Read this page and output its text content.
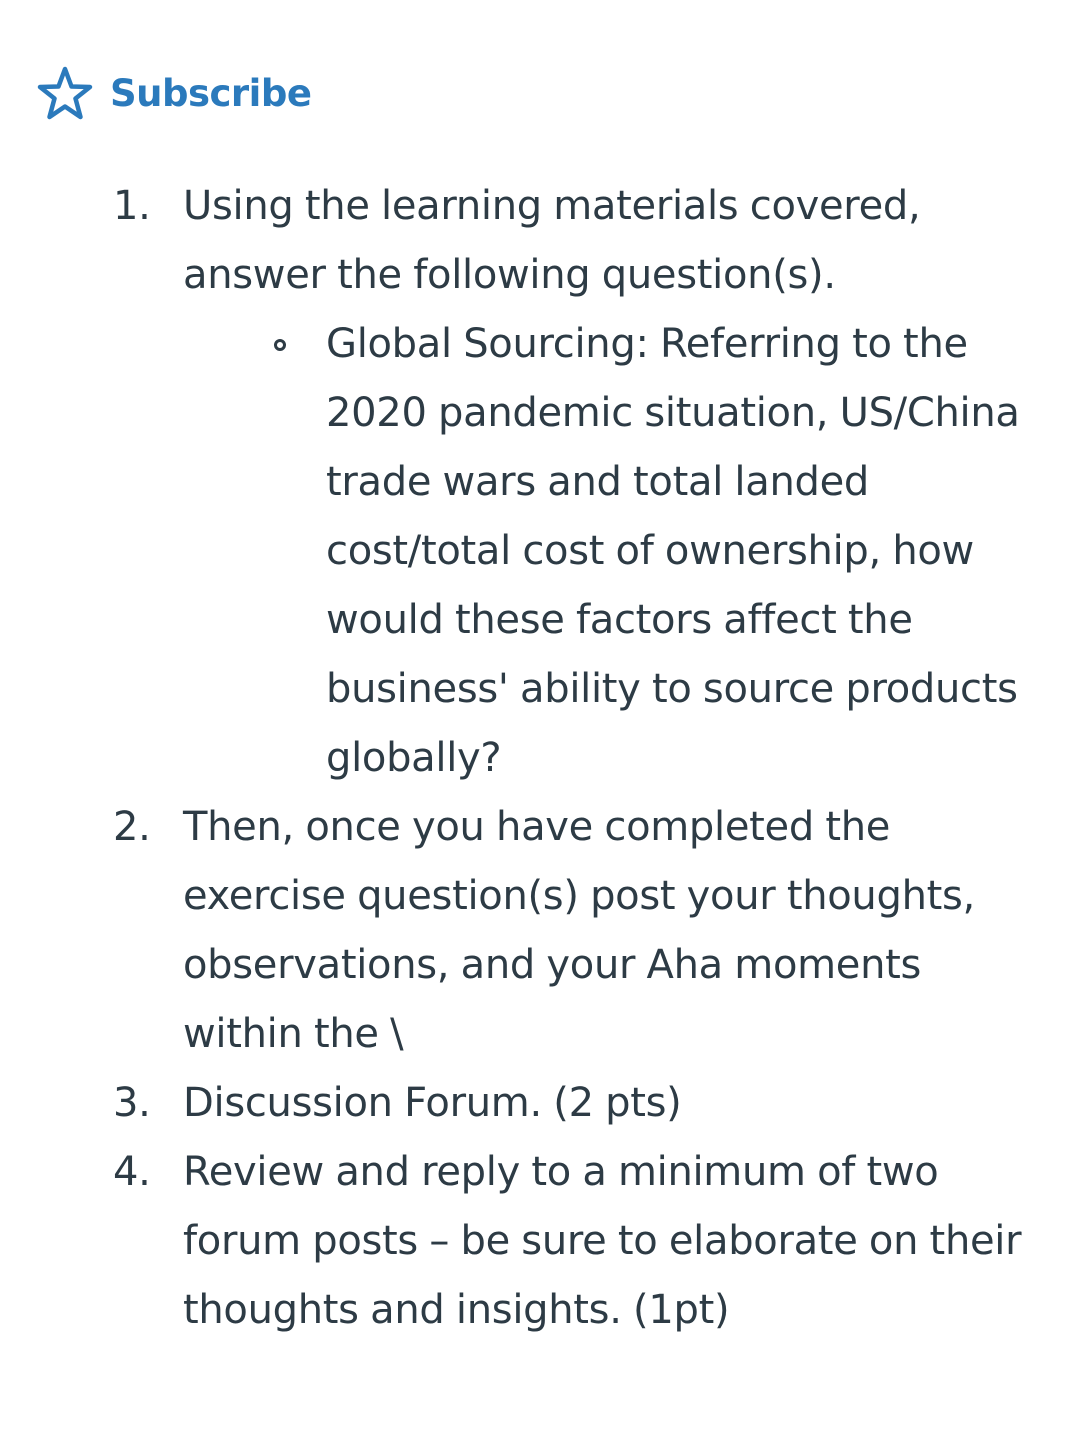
Subscribe
1. Using the learning materials covered, answer the following question(s).
Global Sourcing: Referring to the 2020 pandemic situation, US/China trade wars and total landed cost/total cost of ownership, how would these factors affect the business' ability to source products globally?
2. Then, once you have completed the exercise question(s) post your thoughts, observations, and your Aha moments within the \
3. Discussion Forum. (2 pts)
4. Review and reply to a minimum of two forum posts – be sure to elaborate on their thoughts and insights. (1pt)
